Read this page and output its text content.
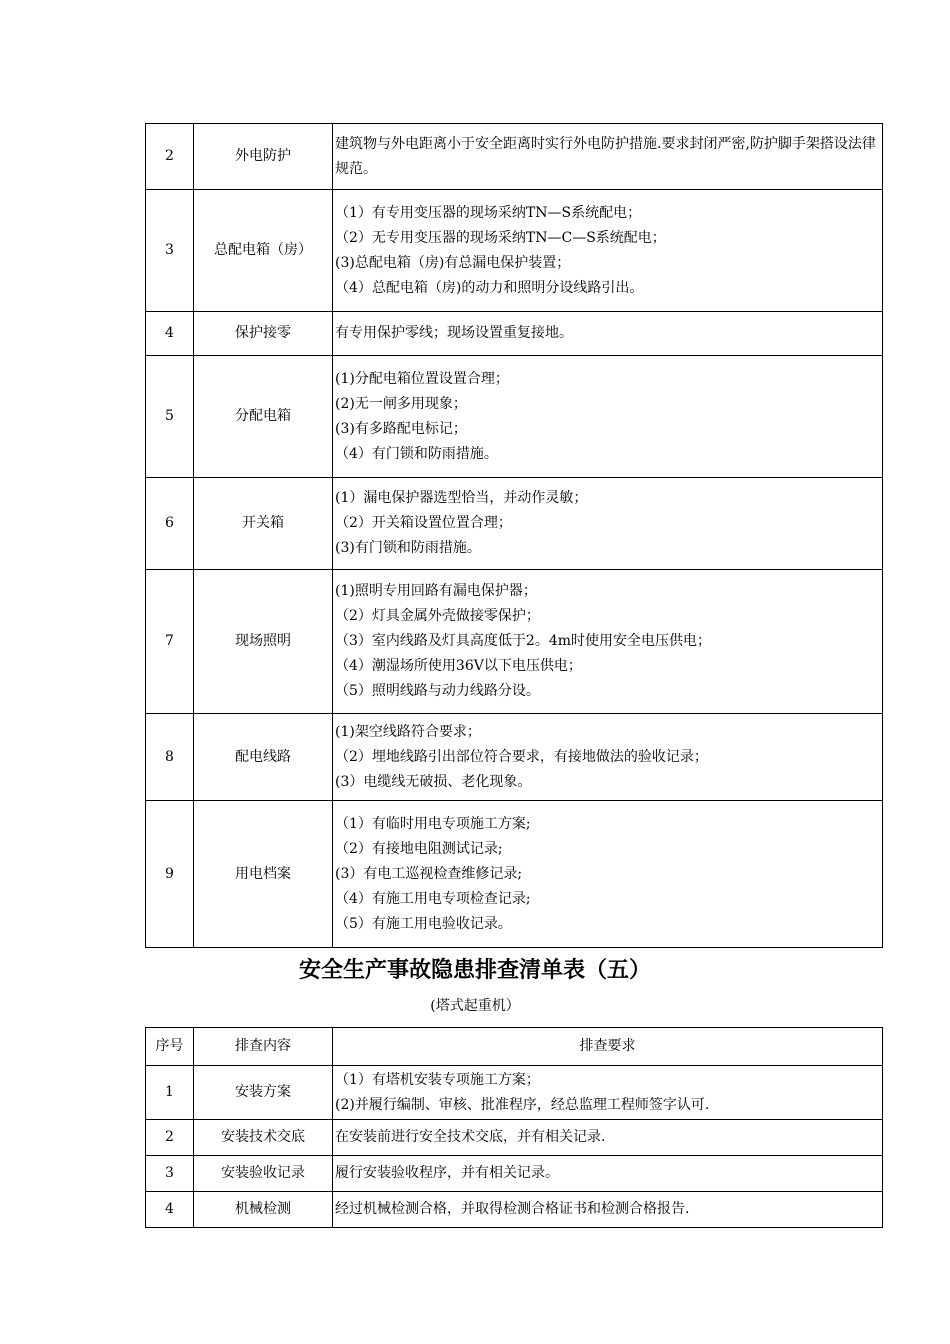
2	外电防护	建筑物与外电距离小于安全距离时实行外电防护措施.要求封闭严密,防护脚手架搭设法律规范。

3	总配电箱（房）	（1）有专用变压器的现场采纳TN—S系统配电；
（2）无专用变压器的现场采纳TN—C—S系统配电；
(3)总配电箱（房)有总漏电保护装置；
（4）总配电箱（房)的动力和照明分设线路引出。

4	保护接零	有专用保护零线；现场设置重复接地。

5	分配电箱	(1)分配电箱位置设置合理；
(2)无一闸多用现象；
(3)有多路配电标记；
（4）有门锁和防雨措施。

6	开关箱	(1）漏电保护器选型恰当，并动作灵敏；
（2）开关箱设置位置合理；
(3)有门锁和防雨措施。

7	现场照明	(1)照明专用回路有漏电保护器；
（2）灯具金属外壳做接零保护；
（3）室内线路及灯具高度低于2。4m时使用安全电压供电；
（4）潮湿场所使用36V以下电压供电；
（5）照明线路与动力线路分设。

8	配电线路	(1)架空线路符合要求；
（2）埋地线路引出部位符合要求，有接地做法的验收记录；
(3）电缆线无破损、老化现象。

9	用电档案	（1）有临时用电专项施工方案;
（2）有接地电阻测试记录;
(3）有电工巡视检查维修记录;
（4）有施工用电专项检查记录;
（5）有施工用电验收记录。
安全生产事故隐患排查清单表（五）
(塔式起重机）
序号	排查内容	排查要求
1	安装方案	（1）有塔机安装专项施工方案；
(2)并履行编制、审核、批准程序，经总监理工程师签字认可.

2	安装技术交底	在安装前进行安全技术交底，并有相关记录.

3	安装验收记录	履行安装验收程序，并有相关记录。

4	机械检测	经过机械检测合格，并取得检测合格证书和检测合格报告.
